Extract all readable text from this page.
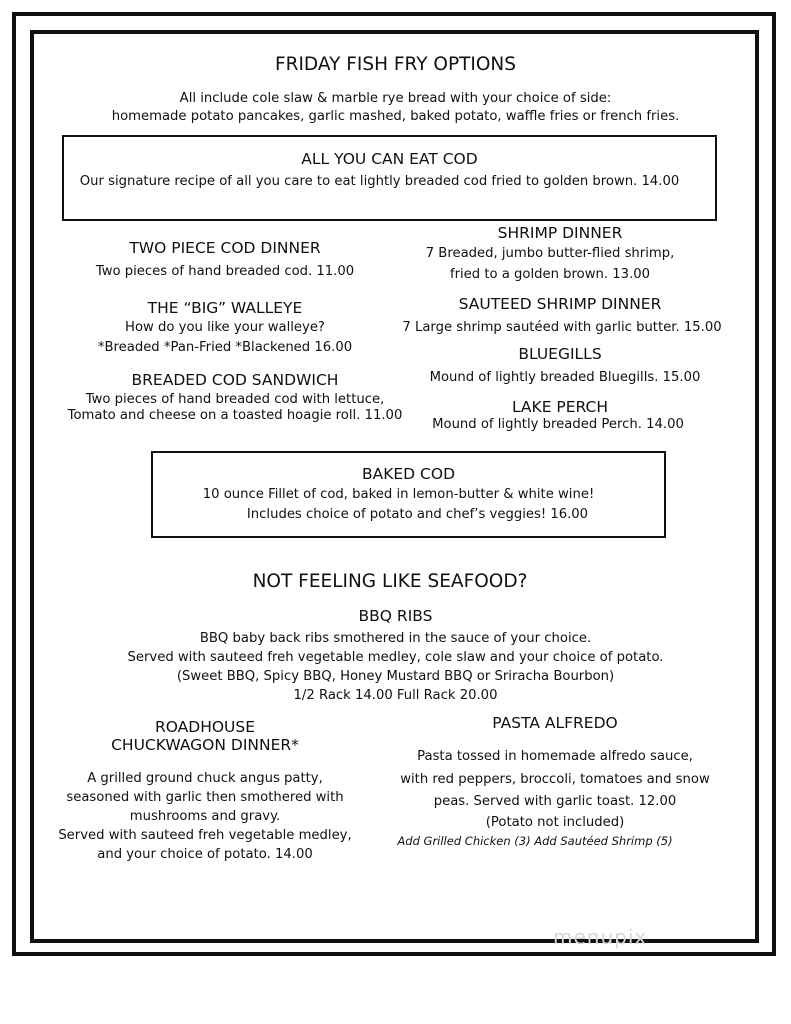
FRIDAY FISH FRY OPTIONS
All include cole slaw & marble rye bread with your choice of side:
homemade potato pancakes, garlic mashed, baked potato, waffle fries or french fries.
ALL YOU CAN EAT COD
Our signature recipe of all you care to eat lightly breaded cod fried to golden brown. 14.00
TWO PIECE COD DINNER
Two pieces of hand breaded cod. 11.00
THE “BIG” WALLEYE
How do you like your walleye?
*Breaded *Pan-Fried *Blackened 16.00
BREADED COD SANDWICH
Two pieces of hand breaded cod with lettuce,
Tomato and cheese on a toasted hoagie roll. 11.00
SHRIMP DINNER
7 Breaded, jumbo butter-flied shrimp,
fried to a golden brown. 13.00
SAUTEED SHRIMP DINNER
7 Large shrimp sautéed with garlic butter. 15.00
BLUEGILLS
Mound of lightly breaded Bluegills. 15.00
LAKE PERCH
Mound of lightly breaded Perch. 14.00
BAKED COD
10 ounce Fillet of cod, baked in lemon-butter & white wine!
Includes choice of potato and chef’s veggies! 16.00
NOT FEELING LIKE SEAFOOD?
BBQ RIBS
BBQ baby back ribs smothered in the sauce of your choice.
Served with sauteed freh vegetable medley, cole slaw and your choice of potato.
(Sweet BBQ, Spicy BBQ, Honey Mustard BBQ or Sriracha Bourbon)
1/2 Rack 14.00 Full Rack 20.00
ROADHOUSE
CHUCKWAGON DINNER*
A grilled ground chuck angus patty,
seasoned with garlic then smothered with
mushrooms and gravy.
Served with sauteed freh vegetable medley,
and your choice of potato. 14.00
PASTA ALFREDO
Pasta tossed in homemade alfredo sauce,
with red peppers, broccoli, tomatoes and snow
peas. Served with garlic toast. 12.00
(Potato not included)
Add Grilled Chicken (3) Add Sautéed Shrimp (5)
menupix
